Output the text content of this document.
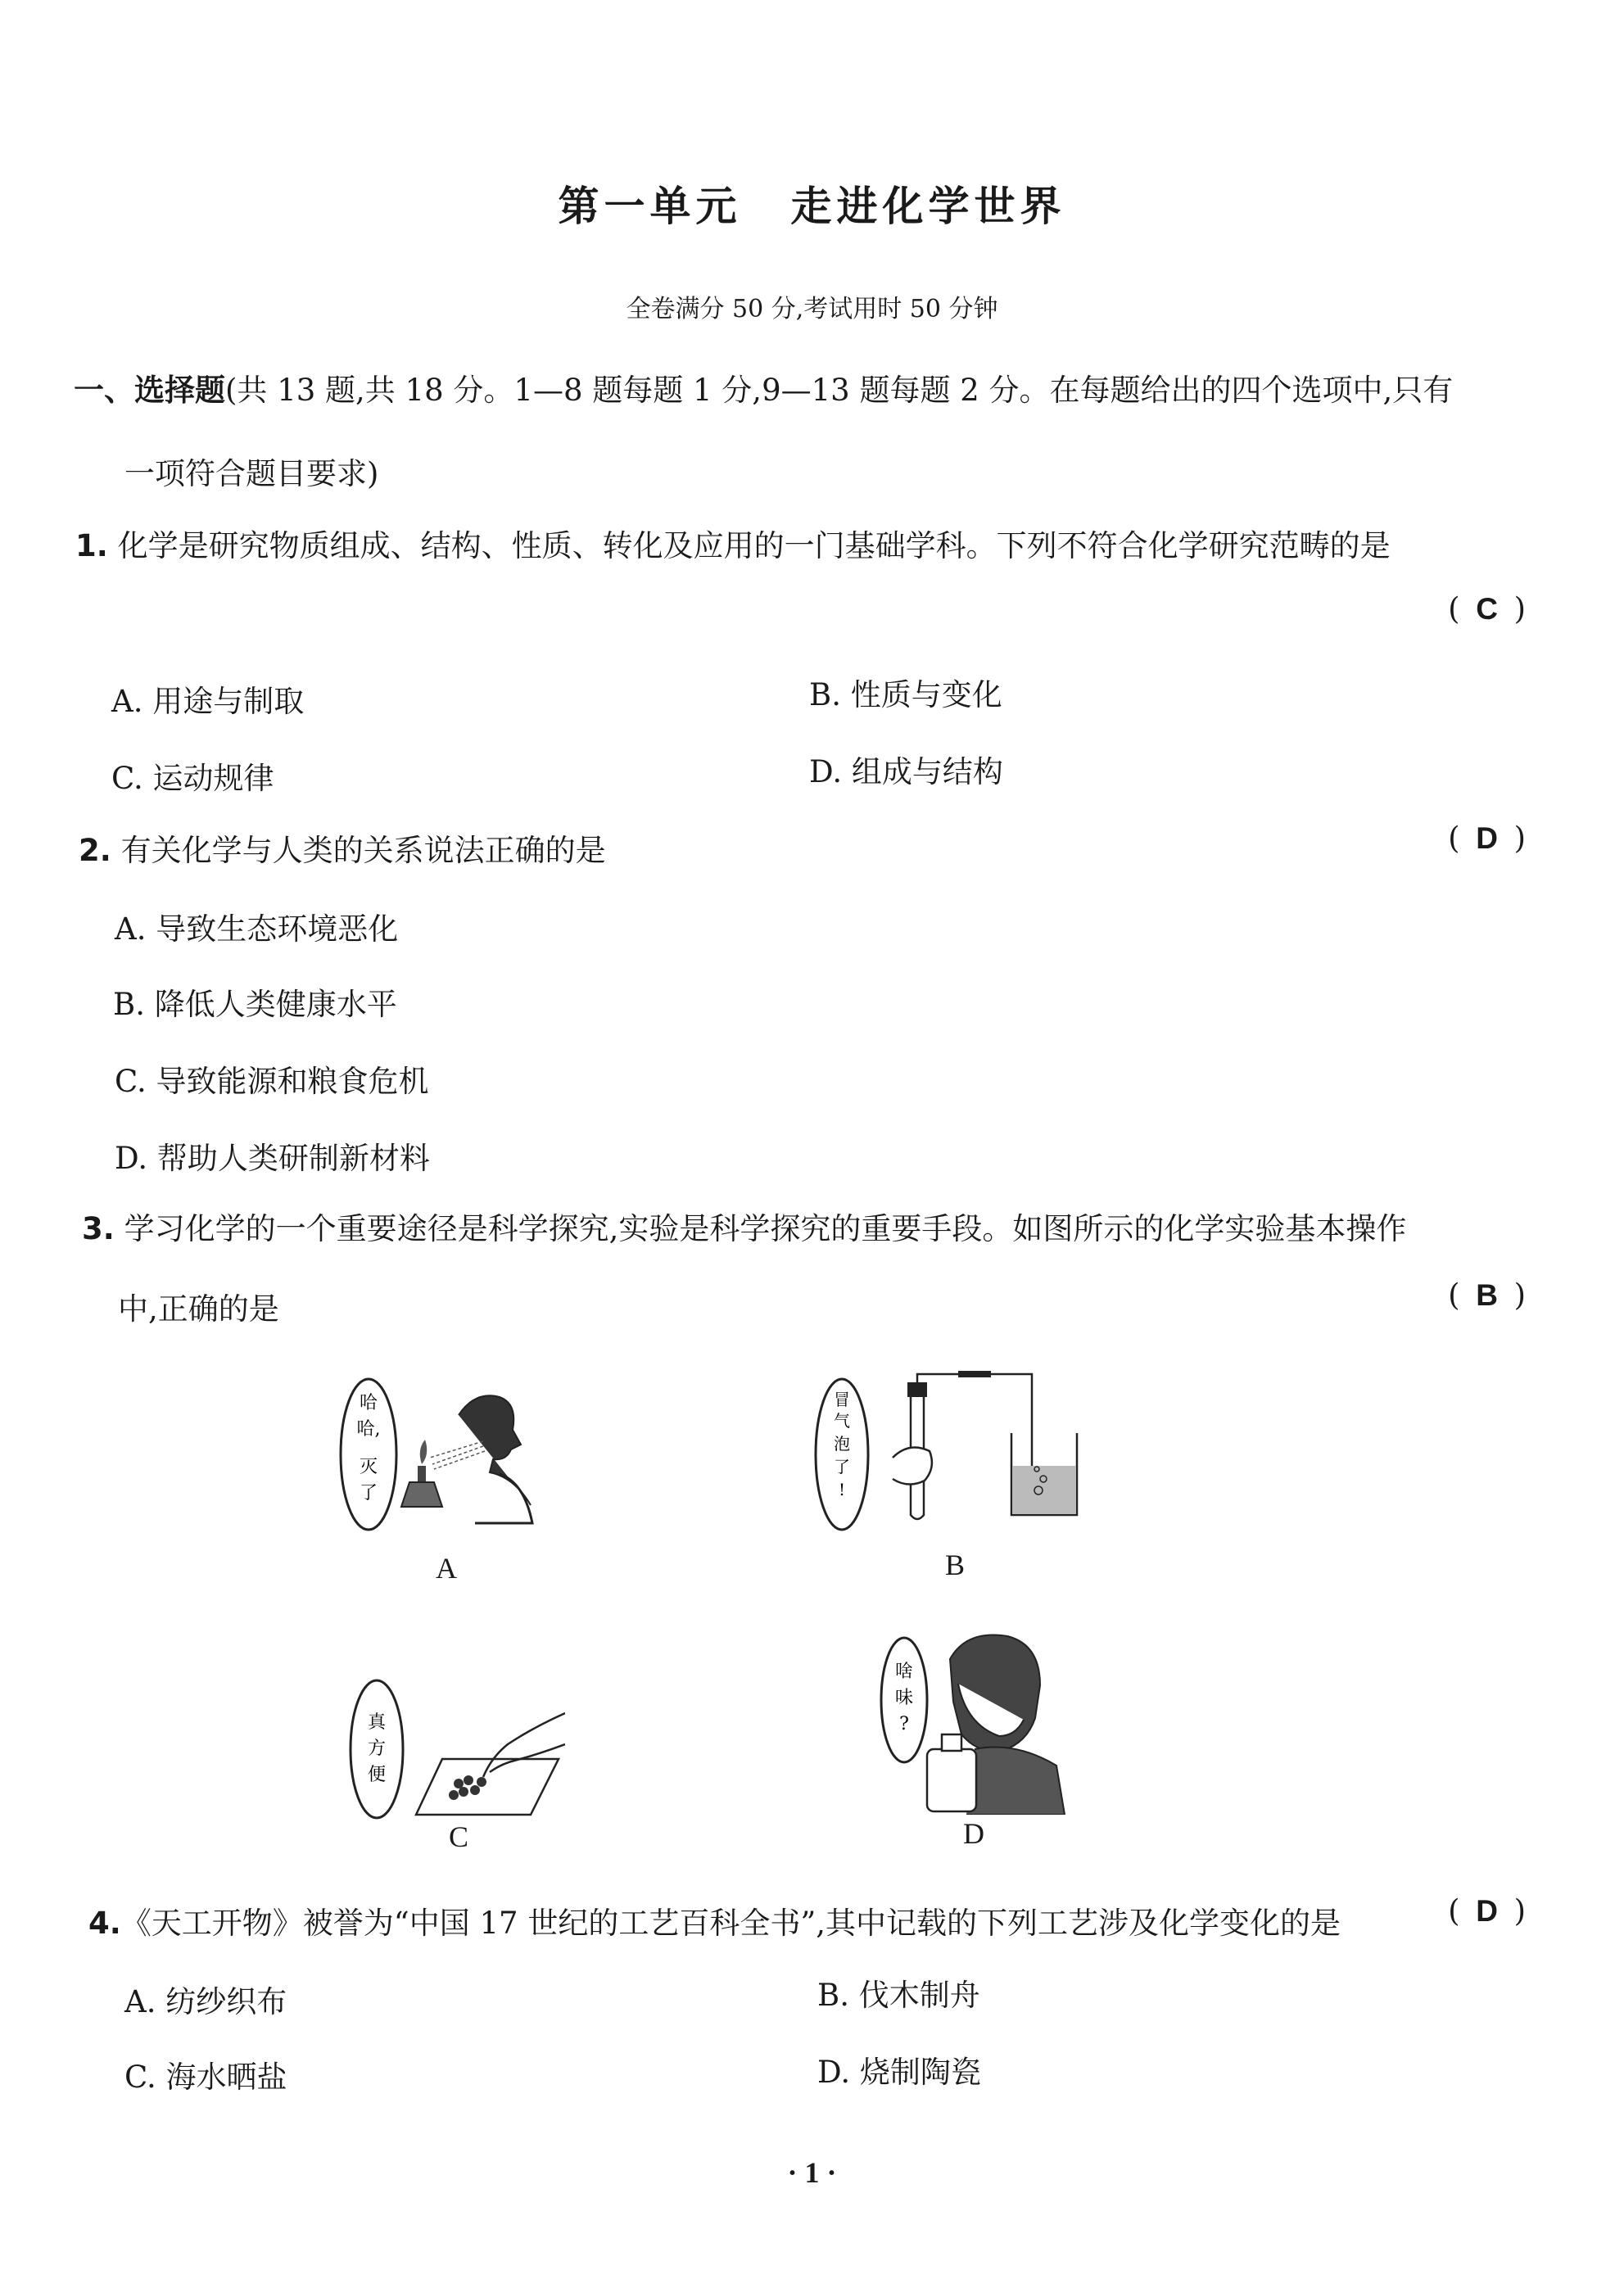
第一单元 走进化学世界
全卷满分 50 分,考试用时 50 分钟
一、选择题(共 13 题,共 18 分。1—8 题每题 1 分,9—13 题每题 2 分。在每题给出的四个选项中,只有
一项符合题目要求)
1. 化学是研究物质组成、结构、性质、转化及应用的一门基础学科。下列不符合化学研究范畴的是
( C )
A. 用途与制取	B. 性质与变化
C. 运动规律	D. 组成与结构
2. 有关化学与人类的关系说法正确的是	( D )
A. 导致生态环境恶化
B. 降低人类健康水平
C. 导致能源和粮食危机
D. 帮助人类研制新材料
3. 学习化学的一个重要途径是科学探究,实验是科学探究的重要手段。如图所示的化学实验基本操作
中,正确的是	( B )
哈
哈,
灭
了
A
冒
气
泡
了
!
B
真
方
便
C
啥
味
?
D
4.《天工开物》被誉为“中国 17 世纪的工艺百科全书”,其中记载的下列工艺涉及化学变化的是	( D )
A. 纺纱织布	B. 伐木制舟
C. 海水晒盐	D. 烧制陶瓷
· 1 ·
